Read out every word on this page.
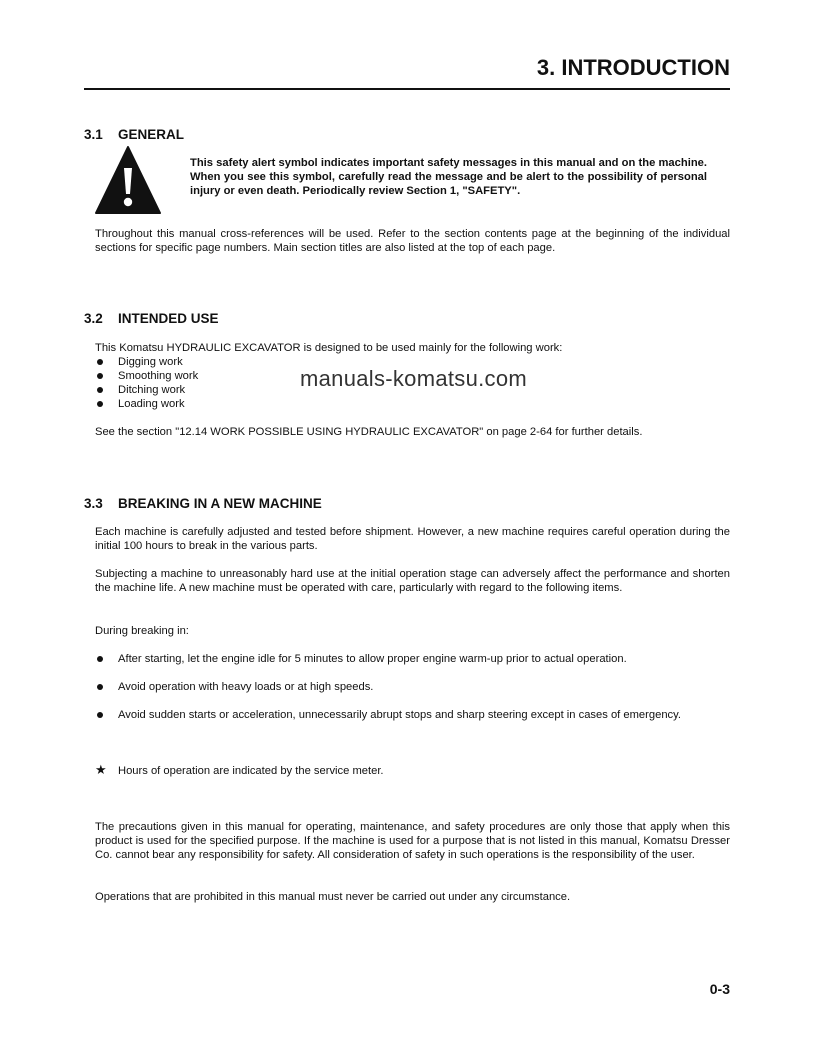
3. INTRODUCTION
3.1 GENERAL
This safety alert symbol indicates important safety messages in this manual and on the machine. When you see this symbol, carefully read the message and be alert to the possibility of personal injury or even death. Periodically review Section 1, "SAFETY".
Throughout this manual cross-references will be used. Refer to the section contents page at the beginning of the individual sections for specific page numbers. Main section titles are also listed at the top of each page.
3.2 INTENDED USE
This Komatsu HYDRAULIC EXCAVATOR is designed to be used mainly for the following work:
Digging work
Smoothing work
Ditching work
Loading work
manuals-komatsu.com
See the section "12.14 WORK POSSIBLE USING HYDRAULIC EXCAVATOR" on page 2-64 for further details.
3.3 BREAKING IN A NEW MACHINE
Each machine is carefully adjusted and tested before shipment. However, a new machine requires careful operation during the initial 100 hours to break in the various parts.
Subjecting a machine to unreasonably hard use at the initial operation stage can adversely affect the performance and shorten the machine life. A new machine must be operated with care, particularly with regard to the following items.
During breaking in:
After starting, let the engine idle for 5 minutes to allow proper engine warm-up prior to actual operation.
Avoid operation with heavy loads or at high speeds.
Avoid sudden starts or acceleration, unnecessarily abrupt stops and sharp steering except in cases of emergency.
★ Hours of operation are indicated by the service meter.
The precautions given in this manual for operating, maintenance, and safety procedures are only those that apply when this product is used for the specified purpose. If the machine is used for a purpose that is not listed in this manual, Komatsu Dresser Co. cannot bear any responsibility for safety. All consideration of safety in such operations is the responsibility of the user.
Operations that are prohibited in this manual must never be carried out under any circumstance.
0-3
